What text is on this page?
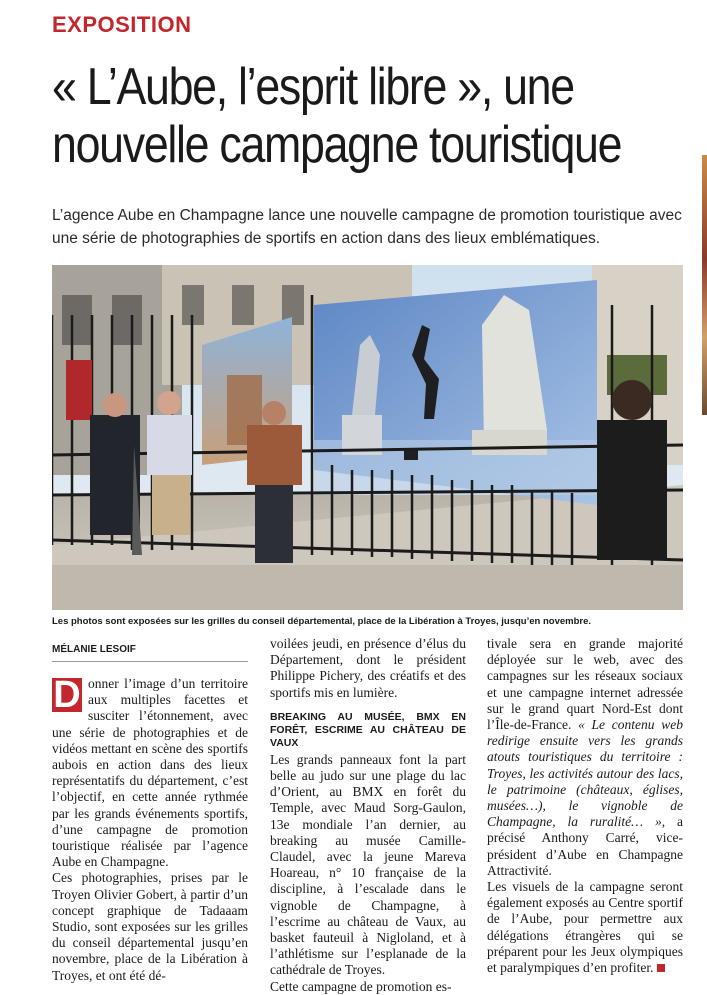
EXPOSITION
« L’Aube, l’esprit libre », une
nouvelle campagne touristique
L’agence Aube en Champagne lance une nouvelle campagne de promotion touristique avec une série de photographies de sportifs en action dans des lieux emblématiques.
Les photos sont exposées sur les grilles du conseil départemental, place de la Libération à Troyes, jusqu’en novembre.
MÉLANIE LESOIF

D onner l’image d’un territoire aux multiples facettes et susciter l’étonnement, avec une série de photographies et de vidéos mettant en scène des sportifs aubois en action dans des lieux représentatifs du département, c’est l’objectif, en cette année rythmée par les grands événements sportifs, d’une campagne de promotion touristique réalisée par l’agence Aube en Champagne.

Ces photographies, prises par le Troyen Olivier Gobert, à partir d’un concept graphique de Tadaaam Studio, sont exposées sur les grilles du conseil départemental jusqu’en novembre, place de la Libération à Troyes, et ont été dé-

voilées jeudi, en présence d’élus du Département, dont le président Philippe Pichery, des créatifs et des sportifs mis en lumière.

BREAKING AU MUSÉE, BMX EN FORÊT, ESCRIME AU CHÂTEAU DE VAUX

Les grands panneaux font la part belle au judo sur une plage du lac d’Orient, au BMX en forêt du Temple, avec Maud Sorg-Gaulon, 13e mondiale l’an dernier, au breaking au musée Camille-Claudel, avec la jeune Mareva Hoareau, n° 10 française de la discipline, à l’escalade dans le vignoble de Champagne, à l’escrime au château de Vaux, au basket fauteuil à Nigloland, et à l’athlétisme sur l’esplanade de la cathédrale de Troyes.

Cette campagne de promotion es-

tivale sera en grande majorité déployée sur le web, avec des campagnes sur les réseaux sociaux et une campagne internet adressée sur le grand quart Nord-Est dont l’Île-de-France. « Le contenu web redirige ensuite vers les grands atouts touristiques du territoire : Troyes, les activités autour des lacs, le patrimoine (châteaux, églises, musées…), le vignoble de Champagne, la ruralité… », a précisé Anthony Carré, vice-président d’Aube en Champagne Attractivité.

Les visuels de la campagne seront également exposés au Centre sportif de l’Aube, pour permettre aux délégations étrangères qui se préparent pour les Jeux olympiques et paralympiques d’en profiter.
